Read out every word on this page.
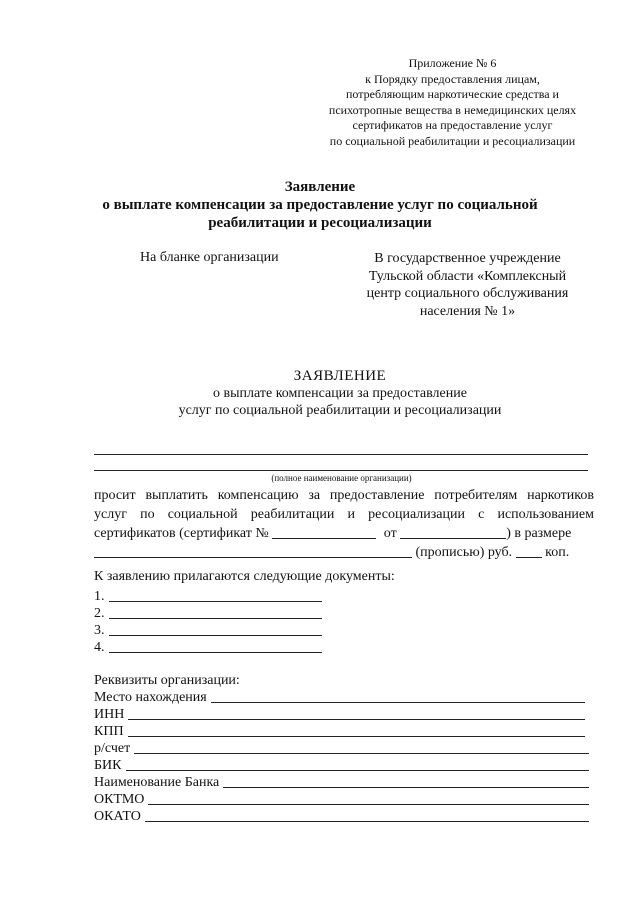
Приложение № 6
к Порядку предоставления лицам,
потребляющим наркотические средства и
психотропные вещества в немедицинских целях
сертификатов на предоставление услуг
по социальной реабилитации и ресоциализации
Заявление
о выплате компенсации за предоставление услуг по социальной
реабилитации и ресоциализации
На бланке организации	В государственное учреждение
Тульской области «Комплексный
центр социального обслуживания
населения № 1»
ЗАЯВЛЕНИЕ
о выплате компенсации за предоставление
услуг по социальной реабилитации и ресоциализации
(полное наименование организации)
просит выплатить компенсацию за предоставление потребителям наркотиков
услуг по социальной реабилитации и ресоциализации с использованием
сертификатов (сертификат №	от	) в размере
(прописью) руб. коп.
К заявлению прилагаются следующие документы:
1.
2.
3.
4.
Реквизиты организации:
Место нахождения
ИНН
КПП
р/счет
БИК
Наименование Банка
ОКТМО
ОКАТО
